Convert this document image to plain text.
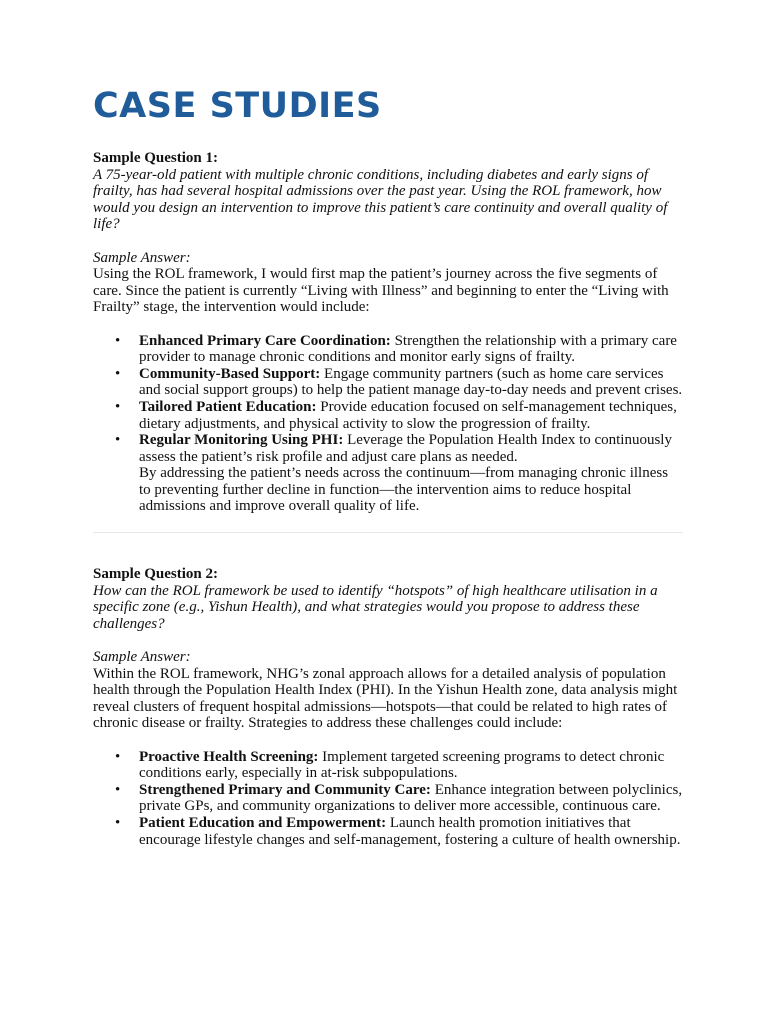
CASE STUDIES

Sample Question 1:

A 75-year-old patient with multiple chronic conditions, including diabetes and early signs of frailty, has had several hospital admissions over the past year. Using the ROL framework, how would you design an intervention to improve this patient’s care continuity and overall quality of life?

Sample Answer:

Using the ROL framework, I would first map the patient’s journey across the five segments of care. Since the patient is currently “Living with Illness” and beginning to enter the “Living with Frailty” stage, the intervention would include:

• Enhanced Primary Care Coordination: Strengthen the relationship with a primary care provider to manage chronic conditions and monitor early signs of frailty.
• Community-Based Support: Engage community partners (such as home care services and social support groups) to help the patient manage day-to-day needs and prevent crises.
• Tailored Patient Education: Provide education focused on self-management techniques, dietary adjustments, and physical activity to slow the progression of frailty.
• Regular Monitoring Using PHI: Leverage the Population Health Index to continuously assess the patient’s risk profile and adjust care plans as needed.

By addressing the patient’s needs across the continuum—from managing chronic illness to preventing further decline in function—the intervention aims to reduce hospital admissions and improve overall quality of life.

Sample Question 2:

How can the ROL framework be used to identify “hotspots” of high healthcare utilisation in a specific zone (e.g., Yishun Health), and what strategies would you propose to address these challenges?

Sample Answer:

Within the ROL framework, NHG’s zonal approach allows for a detailed analysis of population health through the Population Health Index (PHI). In the Yishun Health zone, data analysis might reveal clusters of frequent hospital admissions—hotspots—that could be related to high rates of chronic disease or frailty. Strategies to address these challenges could include:

• Proactive Health Screening: Implement targeted screening programs to detect chronic conditions early, especially in at-risk subpopulations.
• Strengthened Primary and Community Care: Enhance integration between polyclinics, private GPs, and community organizations to deliver more accessible, continuous care.
• Patient Education and Empowerment: Launch health promotion initiatives that encourage lifestyle changes and self-management, fostering a culture of health ownership.
